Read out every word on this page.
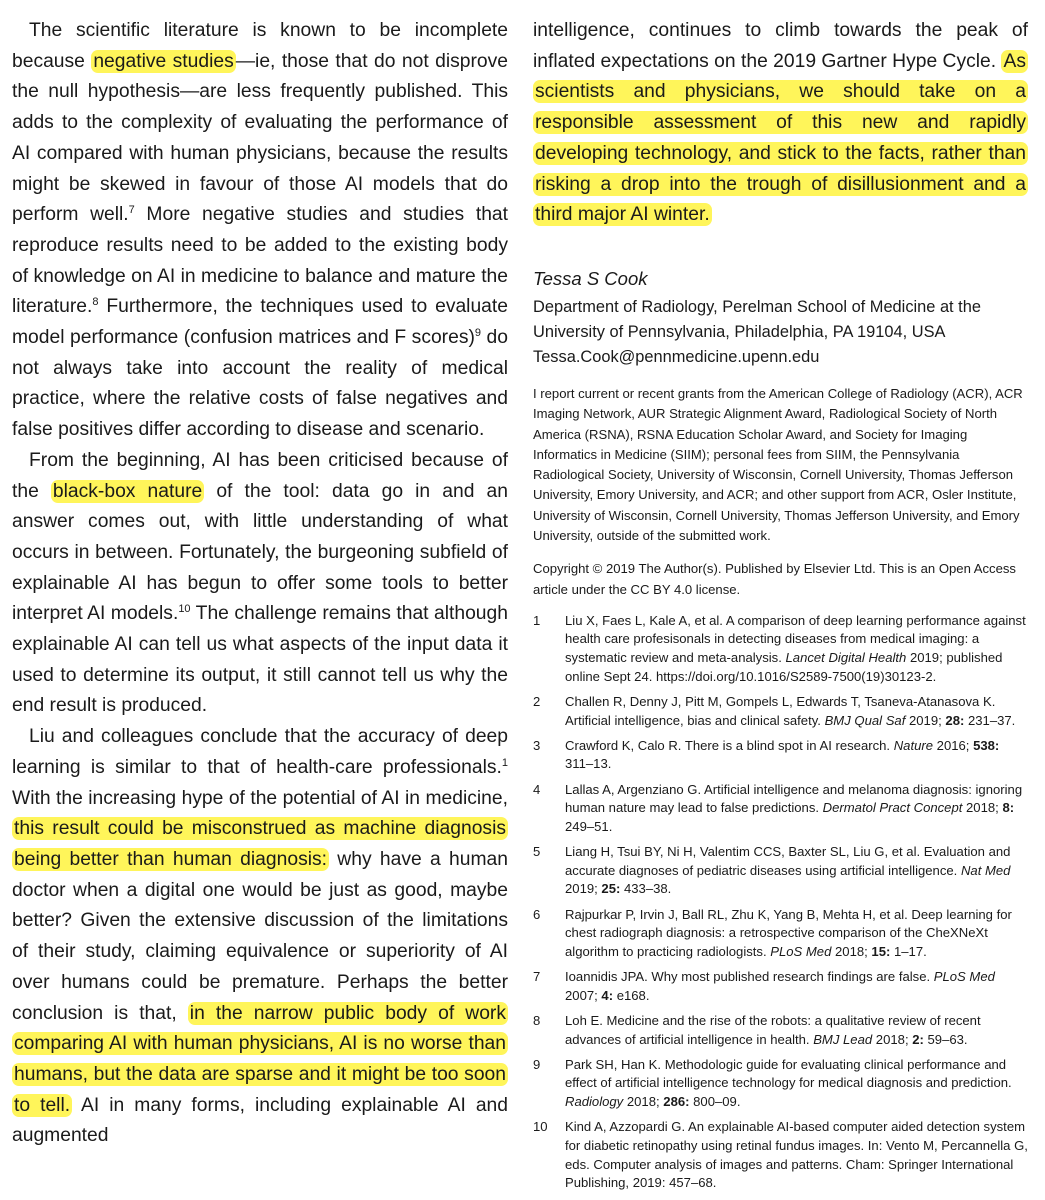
The scientific literature is known to be incomplete because negative studies —ie, those that do not disprove the null hypothesis—are less frequently published. This adds to the complexity of evaluating the performance of AI compared with human physicians, because the results might be skewed in favour of those AI models that do perform well.$^7$ More negative studies and studies that reproduce results need to be added to the existing body of knowledge on AI in medicine to balance and mature the literature.$^8$ Furthermore, the techniques used to evaluate model performance (confusion matrices and F scores)$^9$ do not always take into account the reality of medical practice, where the relative costs of false negatives and false positives differ according to disease and scenario.

From the beginning, AI has been criticised because of the black-box nature of the tool: data go in and an answer comes out, with little understanding of what occurs in between. Fortunately, the burgeoning subfield of explainable AI has begun to offer some tools to better interpret AI models.$^{10}$ The challenge remains that although explainable AI can tell us what aspects of the input data it used to determine its output, it still cannot tell us why the end result is produced.

Liu and colleagues conclude that the accuracy of deep learning is similar to that of health-care professionals.$^1$ With the increasing hype of the potential of AI in medicine, this result could be misconstrued as machine diagnosis being better than human diagnosis: why have a human doctor when a digital one would be just as good, maybe better? Given the extensive discussion of the limitations of their study, claiming equivalence or superiority of AI over humans could be premature. Perhaps the better conclusion is that, in the narrow public body of work comparing AI with human physicians, AI is no worse than humans, but the data are sparse and it might be too soon to tell. AI in many forms, including explainable AI and augmented

intelligence, continues to climb towards the peak of inflated expectations on the 2019 Gartner Hype Cycle. As scientists and physicians, we should take on a responsible assessment of this new and rapidly developing technology, and stick to the facts, rather than risking a drop into the trough of disillusionment and a third major AI winter.

Tessa S Cook

Department of Radiology, Perelman School of Medicine at the
University of Pennsylvania, Philadelphia, PA 19104, USA
Tessa.Cook@pennmedicine.upenn.edu

I report current or recent grants from the American College of Radiology (ACR), ACR Imaging Network, AUR Strategic Alignment Award, Radiological Society of North America (RSNA), RSNA Education Scholar Award, and Society for Imaging Informatics in Medicine (SIIM); personal fees from SIIM, the Pennsylvania Radiological Society, University of Wisconsin, Cornell University, Thomas Jefferson University, Emory University, and ACR; and other support from ACR, Osler Institute, University of Wisconsin, Cornell University, Thomas Jefferson University, and Emory University, outside of the submitted work.

Copyright © 2019 The Author(s). Published by Elsevier Ltd. This is an Open Access article under the CC BY 4.0 license.

1	Liu X, Faes L, Kale A, et al. A comparison of deep learning performance against health care profesisonals in detecting diseases from medical imaging: a systematic review and meta-analysis. Lancet Digital Health 2019; published online Sept 24. https://doi.org/10.1016/S2589-7500(19)30123-2.
2	Challen R, Denny J, Pitt M, Gompels L, Edwards T, Tsaneva-Atanasova K. Artificial intelligence, bias and clinical safety. BMJ Qual Saf 2019; 28: 231–37.
3	Crawford K, Calo R. There is a blind spot in AI research. Nature 2016; 538: 311–13.
4	Lallas A, Argenziano G. Artificial intelligence and melanoma diagnosis: ignoring human nature may lead to false predictions. Dermatol Pract Concept 2018; 8: 249–51.
5	Liang H, Tsui BY, Ni H, Valentim CCS, Baxter SL, Liu G, et al. Evaluation and accurate diagnoses of pediatric diseases using artificial intelligence. Nat Med 2019; 25: 433–38.
6	Rajpurkar P, Irvin J, Ball RL, Zhu K, Yang B, Mehta H, et al. Deep learning for chest radiograph diagnosis: a retrospective comparison of the CheXNeXt algorithm to practicing radiologists. PLoS Med 2018; 15: 1–17.
7	Ioannidis JPA. Why most published research findings are false. PLoS Med 2007; 4: e168.
8	Loh E. Medicine and the rise of the robots: a qualitative review of recent advances of artificial intelligence in health. BMJ Lead 2018; 2: 59–63.
9	Park SH, Han K. Methodologic guide for evaluating clinical performance and effect of artificial intelligence technology for medical diagnosis and prediction. Radiology 2018; 286: 800–09.
10	Kind A, Azzopardi G. An explainable AI-based computer aided detection system for diabetic retinopathy using retinal fundus images. In: Vento M, Percannella G, eds. Computer analysis of images and patterns. Cham: Springer International Publishing, 2019: 457–68.
